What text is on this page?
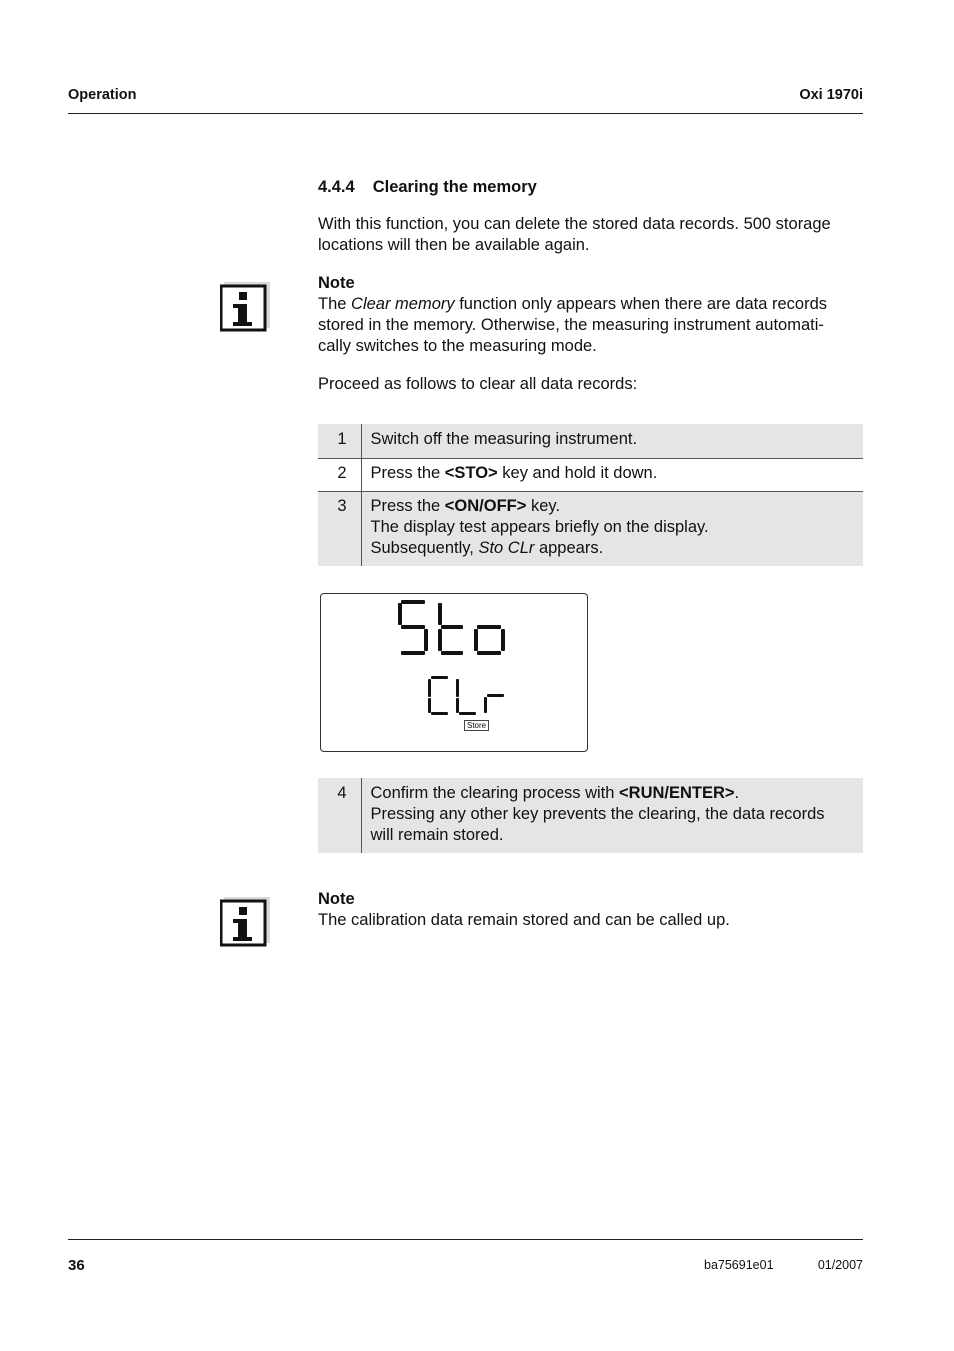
Operation	Oxi 1970i
4.4.4 Clearing the memory
With this function, you can delete the stored data records. 500 storage
locations will then be available again.
Note
The Clear memory function only appears when there are data records
stored in the memory. Otherwise, the measuring instrument automati-
cally switches to the measuring mode.
Proceed as follows to clear all data records:
1	Switch off the measuring instrument.
2	Press the <STO> key and hold it down.
3	Press the <ON/OFF> key.
The display test appears briefly on the display.
Subsequently, Sto CLr appears.
Store
4	Confirm the clearing process with <RUN/ENTER>.
Pressing any other key prevents the clearing, the data records
will remain stored.
Note
The calibration data remain stored and can be called up.
36	ba75691e01	01/2007
